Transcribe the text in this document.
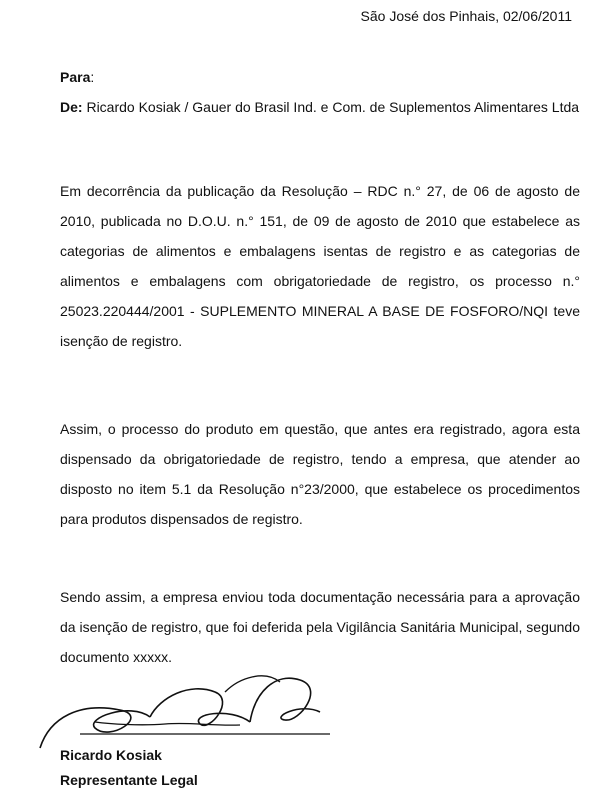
São José dos Pinhais, 02/06/2011

Para:

De: Ricardo Kosiak / Gauer do Brasil Ind. e Com. de Suplementos Alimentares Ltda

Em decorrência da publicação da Resolução – RDC n.° 27, de 06 de agosto de 2010, publicada no D.O.U. n.° 151, de 09 de agosto de 2010 que estabelece as categorias de alimentos e embalagens isentas de registro e as categorias de alimentos e embalagens com obrigatoriedade de registro, os processo n.° 25023.220444/2001 - SUPLEMENTO MINERAL A BASE DE FOSFORO/NQI teve isenção de registro.

Assim, o processo do produto em questão, que antes era registrado, agora esta dispensado da obrigatoriedade de registro, tendo a empresa, que atender ao disposto no item 5.1 da Resolução n°23/2000, que estabelece os procedimentos para produtos dispensados de registro.

Sendo assim, a empresa enviou toda documentação necessária para a aprovação da isenção de registro, que foi deferida pela Vigilância Sanitária Municipal, segundo documento xxxxx.

Ricardo Kosiak
Representante Legal
